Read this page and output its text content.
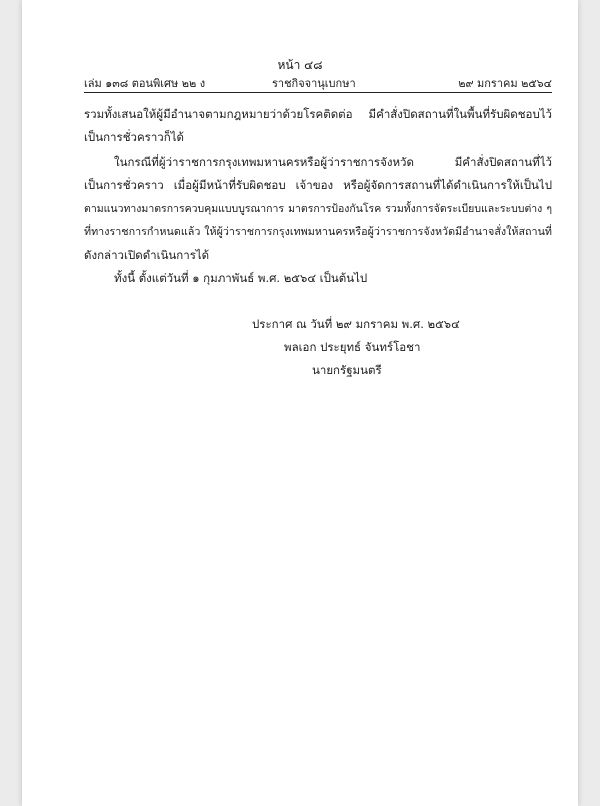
หน้า ๔๘
เล่ม ๑๓๘ ตอนพิเศษ ๒๒ ง	ราชกิจจานุเบกษา	๒๙ มกราคม ๒๕๖๔
รวมทั้งเสนอให้ผู้มีอำนาจตามกฎหมายว่าด้วยโรคติดต่อ มีคำสั่งปิดสถานที่ในพื้นที่รับผิดชอบไว้
เป็นการชั่วคราวก็ได้
ในกรณีที่ผู้ว่าราชการกรุงเทพมหานครหรือผู้ว่าราชการจังหวัด มีคำสั่งปิดสถานที่ไว้
เป็นการชั่วคราว เมื่อผู้มีหน้าที่รับผิดชอบ เจ้าของ หรือผู้จัดการสถานที่ได้ดำเนินการให้เป็นไป
ตามแนวทางมาตรการควบคุมแบบบูรณาการ มาตรการป้องกันโรค รวมทั้งการจัดระเบียบและระบบต่าง ๆ
ที่ทางราชการกำหนดแล้ว ให้ผู้ว่าราชการกรุงเทพมหานครหรือผู้ว่าราชการจังหวัดมีอำนาจสั่งให้สถานที่
ดังกล่าวเปิดดำเนินการได้
ทั้งนี้ ตั้งแต่วันที่ ๑ กุมภาพันธ์ พ.ศ. ๒๕๖๔ เป็นต้นไป
ประกาศ ณ วันที่ ๒๙ มกราคม พ.ศ. ๒๕๖๔
พลเอก ประยุทธ์ จันทร์โอชา
นายกรัฐมนตรี
